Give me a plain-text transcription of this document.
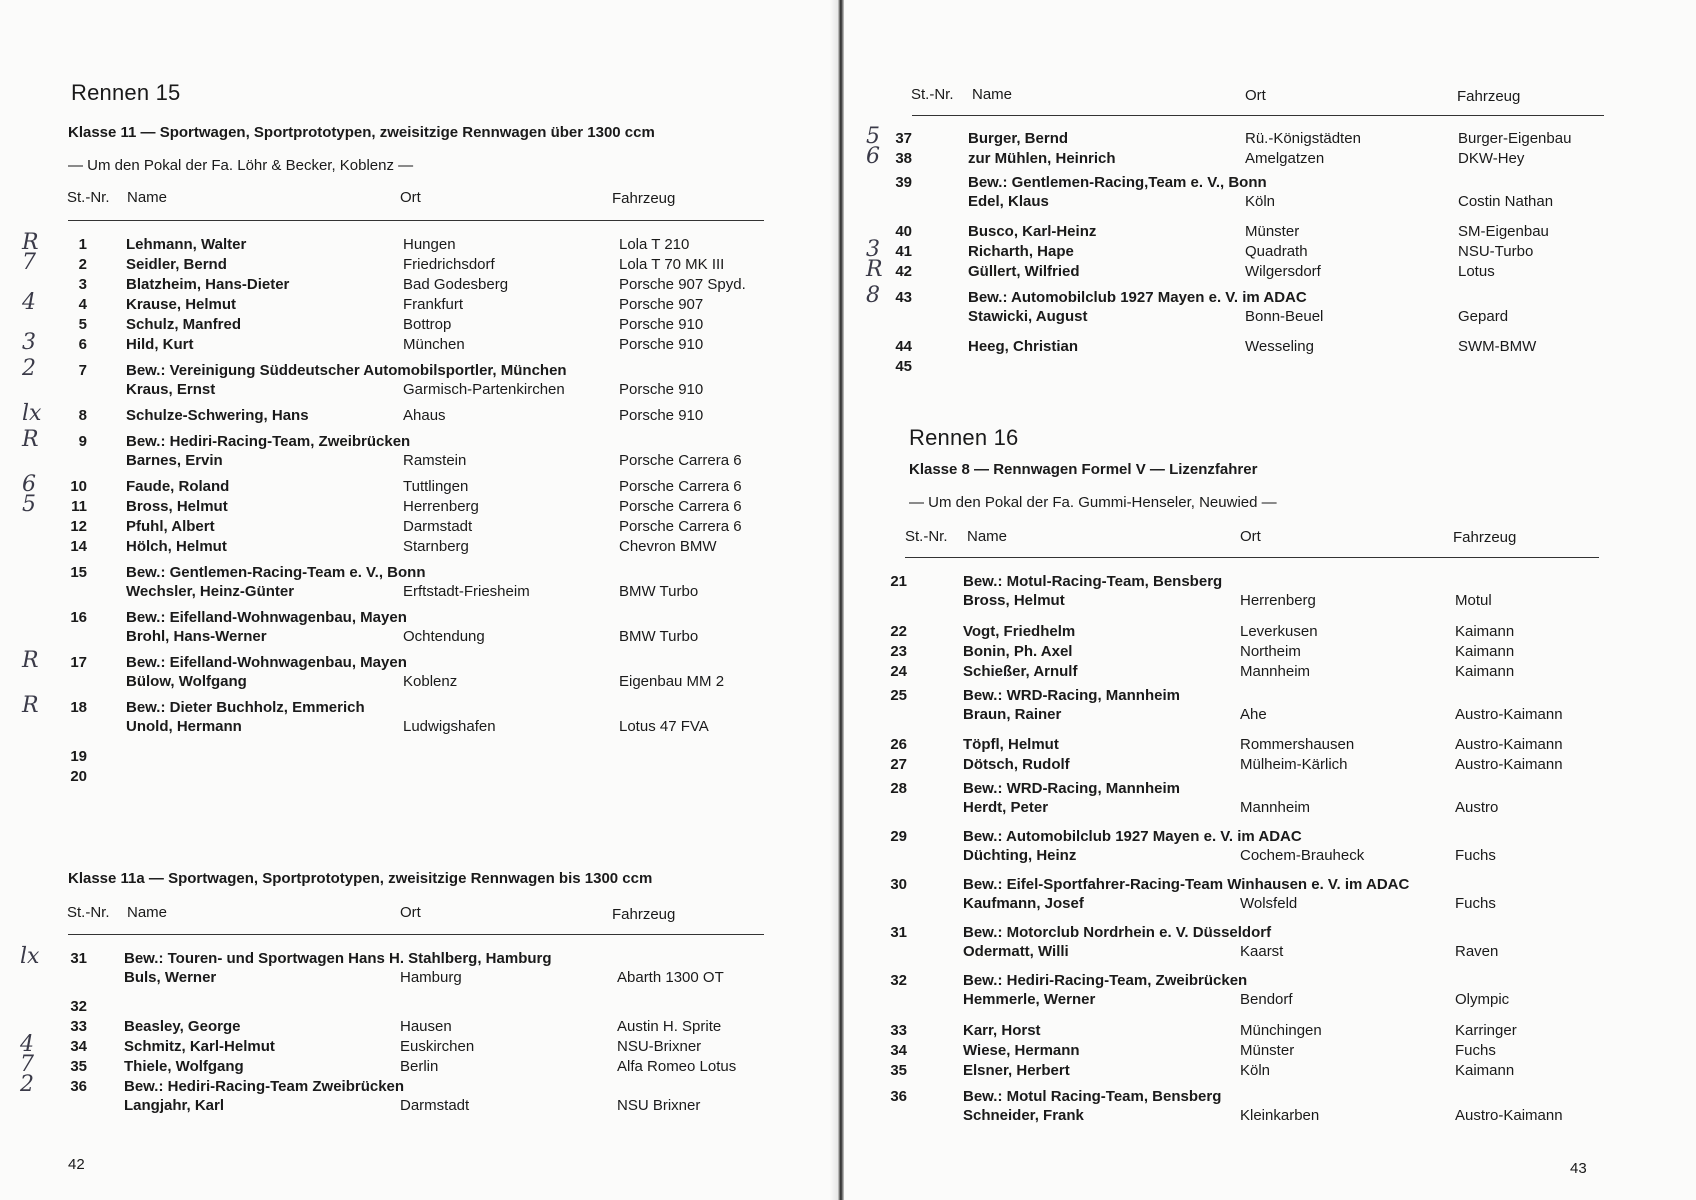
Rennen 15
Klasse 11 — Sportwagen, Sportprototypen, zweisitzige Rennwagen über 1300 ccm
— Um den Pokal der Fa. Löhr & Becker, Koblenz —
St.-Nr. Name	Ort	Fahrzeug
R	1	Lehmann, Walter	Hungen	Lola T 210
7	2	Seidler, Bernd	Friedrichsdorf	Lola T 70 MK III
3	Blatzheim, Hans-Dieter	Bad Godesberg	Porsche 907 Spyd.
4	4	Krause, Helmut	Frankfurt	Porsche 907
5	Schulz, Manfred	Bottrop	Porsche 910
3	6	Hild, Kurt	München	Porsche 910
2	7	Bew.: Vereinigung Süddeutscher Automobilsportler, München
Kraus, Ernst	Garmisch-Partenkirchen	Porsche 910
lx	8	Schulze-Schwering, Hans	Ahaus	Porsche 910
R	9	Bew.: Hediri-Racing-Team, Zweibrücken
Barnes, Ervin	Ramstein	Porsche Carrera 6
6	10	Faude, Roland	Tuttlingen	Porsche Carrera 6
5	11	Bross, Helmut	Herrenberg	Porsche Carrera 6
12	Pfuhl, Albert	Darmstadt	Porsche Carrera 6
14	Hölch, Helmut	Starnberg	Chevron BMW
15	Bew.: Gentlemen-Racing-Team e. V., Bonn
Wechsler, Heinz-Günter	Erftstadt-Friesheim	BMW Turbo
16	Bew.: Eifelland-Wohnwagenbau, Mayen
Brohl, Hans-Werner	Ochtendung	BMW Turbo
R	17	Bew.: Eifelland-Wohnwagenbau, Mayen
Bülow, Wolfgang	Koblenz	Eigenbau MM 2
R	18	Bew.: Dieter Buchholz, Emmerich
Unold, Hermann	Ludwigshafen	Lotus 47 FVA
19
20
Klasse 11a — Sportwagen, Sportprototypen, zweisitzige Rennwagen bis 1300 ccm
St.-Nr. Name	Ort	Fahrzeug
lx	31 Bew.: Touren- und Sportwagen Hans H. Stahlberg, Hamburg
Buls, Werner	Hamburg	Abarth 1300 OT
32
33 Beasley, George	Hausen	Austin H. Sprite
4	34 Schmitz, Karl-Helmut	Euskirchen	NSU-Brixner
7	35 Thiele, Wolfgang	Berlin	Alfa Romeo Lotus
2	36 Bew.: Hediri-Racing-Team Zweibrücken
Langjahr, Karl	Darmstadt	NSU Brixner
42
St.-Nr. Name	Ort	Fahrzeug
5	37	Burger, Bernd	Rü.-Königstädten	Burger-Eigenbau
6	38	zur Mühlen, Heinrich	Amelgatzen	DKW-Hey
39	Bew.: Gentlemen-Racing,Team e. V., Bonn
Edel, Klaus	Köln	Costin Nathan
40	Busco, Karl-Heinz	Münster	SM-Eigenbau
3	41	Richarth, Hape	Quadrath	NSU-Turbo
R 42	Güllert, Wilfried	Wilgersdorf	Lotus
8	43	Bew.: Automobilclub 1927 Mayen e. V. im ADAC
Stawicki, August	Bonn-Beuel	Gepard
44	Heeg, Christian	Wesseling	SWM-BMW
45
Rennen 16
Klasse 8 — Rennwagen Formel V — Lizenzfahrer
— Um den Pokal der Fa. Gummi-Henseler, Neuwied —
St.-Nr. Name	Ort	Fahrzeug
21	Bew.: Motul-Racing-Team, Bensberg
Bross, Helmut	Herrenberg	Motul
22	Vogt, Friedhelm	Leverkusen	Kaimann
23	Bonin, Ph. Axel	Northeim	Kaimann
24	Schießer, Arnulf	Mannheim	Kaimann
25	Bew.: WRD-Racing, Mannheim
Braun, Rainer	Ahe	Austro-Kaimann
26	Töpfl, Helmut	Rommershausen	Austro-Kaimann
27	Dötsch, Rudolf	Mülheim-Kärlich	Austro-Kaimann
28	Bew.: WRD-Racing, Mannheim
Herdt, Peter	Mannheim	Austro
29	Bew.: Automobilclub 1927 Mayen e. V. im ADAC
Düchting, Heinz	Cochem-Brauheck	Fuchs
30	Bew.: Eifel-Sportfahrer-Racing-Team Winhausen e. V. im ADAC
Kaufmann, Josef	Wolsfeld	Fuchs
31	Bew.: Motorclub Nordrhein e. V. Düsseldorf
Odermatt, Willi	Kaarst	Raven
32	Bew.: Hediri-Racing-Team, Zweibrücken
Hemmerle, Werner	Bendorf	Olympic
33	Karr, Horst	Münchingen	Karringer
34	Wiese, Hermann	Münster	Fuchs
35	Elsner, Herbert	Köln	Kaimann
36	Bew.: Motul Racing-Team, Bensberg
Schneider, Frank	Kleinkarben	Austro-Kaimann
43
